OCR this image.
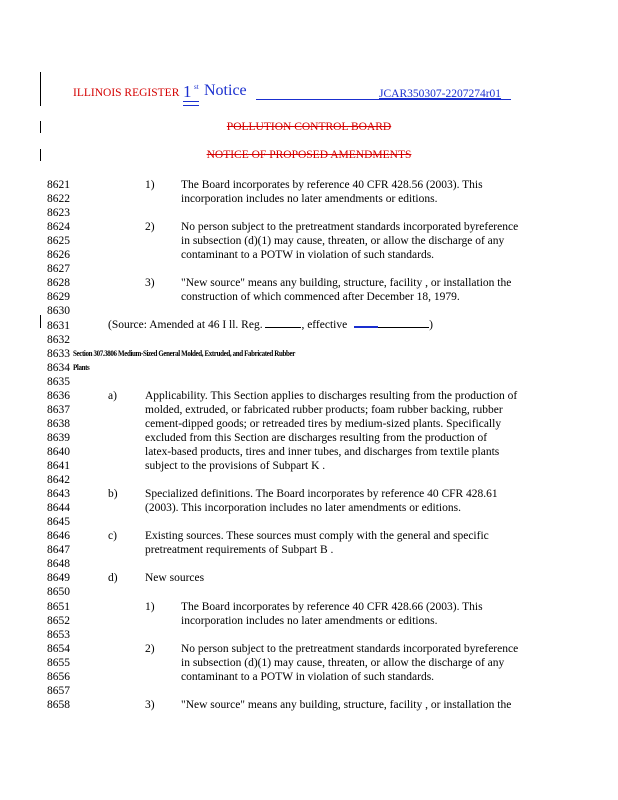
ILLINOIS REGISTER 1 st Notice	JCAR350307-2207274r01
POLLUTION CONTROL BOARD
NOTICE OF PROPOSED AMENDMENTS
8621
8622
8623
8624
8625
8626
8627
8628
8629
8630
8631
8632
8633
8634
8635
8636
8637
8638
8639
8640
8641
8642
8643
8644
8645
8646
8647
8648
8649
8650
8651
8652
8653
8654
8655
8656
8657
8658
1) The Board incorporates by reference 40 CFR 428.56 (2003). This

incorporation includes no later amendments or editions.

2) No person subject to the pretreatment standards incorporated byreference

in subsection (d)(1) may cause, threaten, or allow the discharge of any

contaminant to a POTW in violation of such standards.

3) "New source" means any building, structure, facility , or installation the

construction of which commenced after December 18, 1979.

a) Applicability. This Section applies to discharges resulting from the production of

molded, extruded, or fabricated rubber products; foam rubber backing, rubber

cement-dipped goods; or retreaded tires by medium-sized plants. Specifically

excluded from this Section are discharges resulting from the production of

latex-based products, tires and inner tubes, and discharges from textile plants

subject to the provisions of Subpart K .

b) Specialized definitions. The Board incorporates by reference 40 CFR 428.61

(2003). This incorporation includes no later amendments or editions.

c) Existing sources. These sources must comply with the general and specific

pretreatment requirements of Subpart B .

d) New sources

1) The Board incorporates by reference 40 CFR 428.66 (2003). This

incorporation includes no later amendments or editions.

2) No person subject to the pretreatment standards incorporated byreference

in subsection (d)(1) may cause, threaten, or allow the discharge of any

contaminant to a POTW in violation of such standards.

3) "New source" means any building, structure, facility , or installation the

(Source: Amended at 46 I ll. Reg.	, effective	)
Section 307.3806 Medium-Sized General Molded, Extruded, and Fabricated Rubber
Plants
